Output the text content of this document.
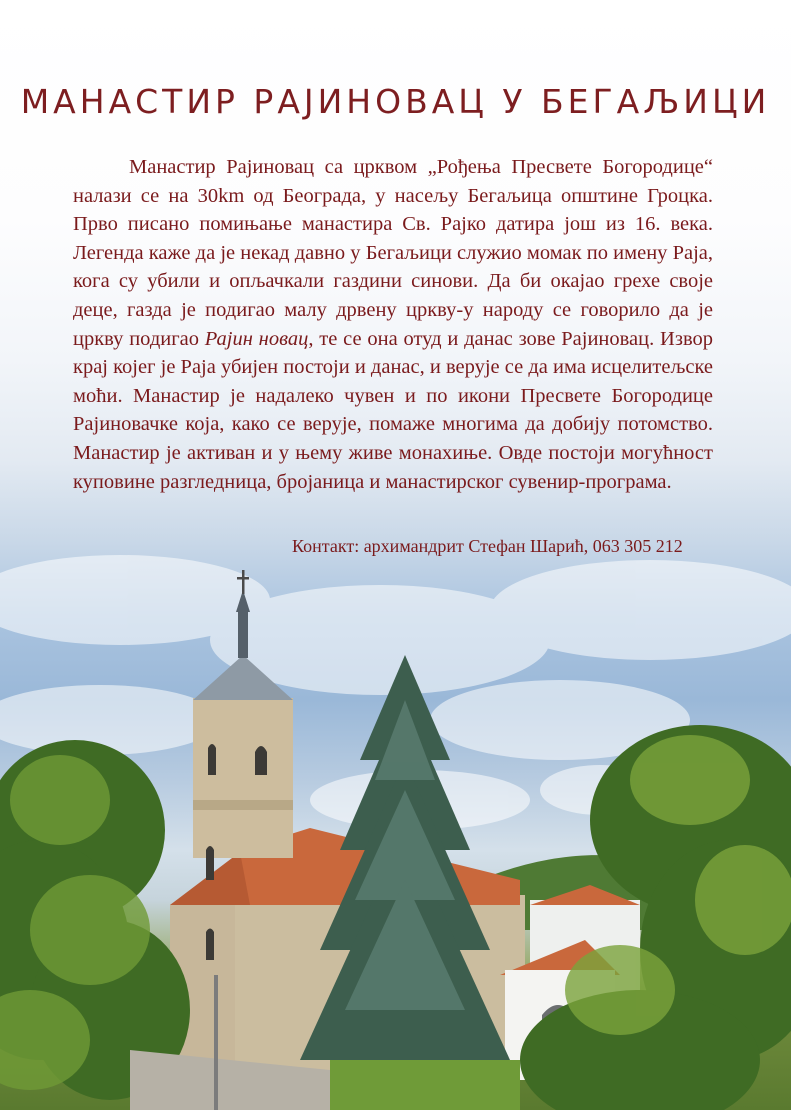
МАНАСТИР РАЈИНОВАЦ У БЕГАЉИЦИ
Манастир Рајиновац са црквом „Рођења Пресвете Богородице“ налази се на 30km од Београда, у насељу Бегаљица општине Гроцка. Прво писано помињање манастира Св. Рајко датира још из 16. века. Легенда каже да је некад давно у Бегаљици служио момак по имену Раја, кога су убили и опљачкали газдини синови. Да би окајао грехе своје деце, газда је подигао малу дрвену цркву-у народу се говорило да је цркву подигао Рајин новац, те се она отуд и данас зове Рајиновац. Извор крај којег је Раја убијен постоји и данас, и верује се да има исцелитељске моћи. Манастир је надалеко чувен и по икони Пресвете Богородице Рајиновачке која, како се верује, помаже многима да добију потомство. Манастир је активан и у њему живе монахиње. Овде постоји могућност куповине разгледница, бројаница и манастирског сувенир-програма.
Контакт: архимандрит Стефан Шарић, 063 305 212
